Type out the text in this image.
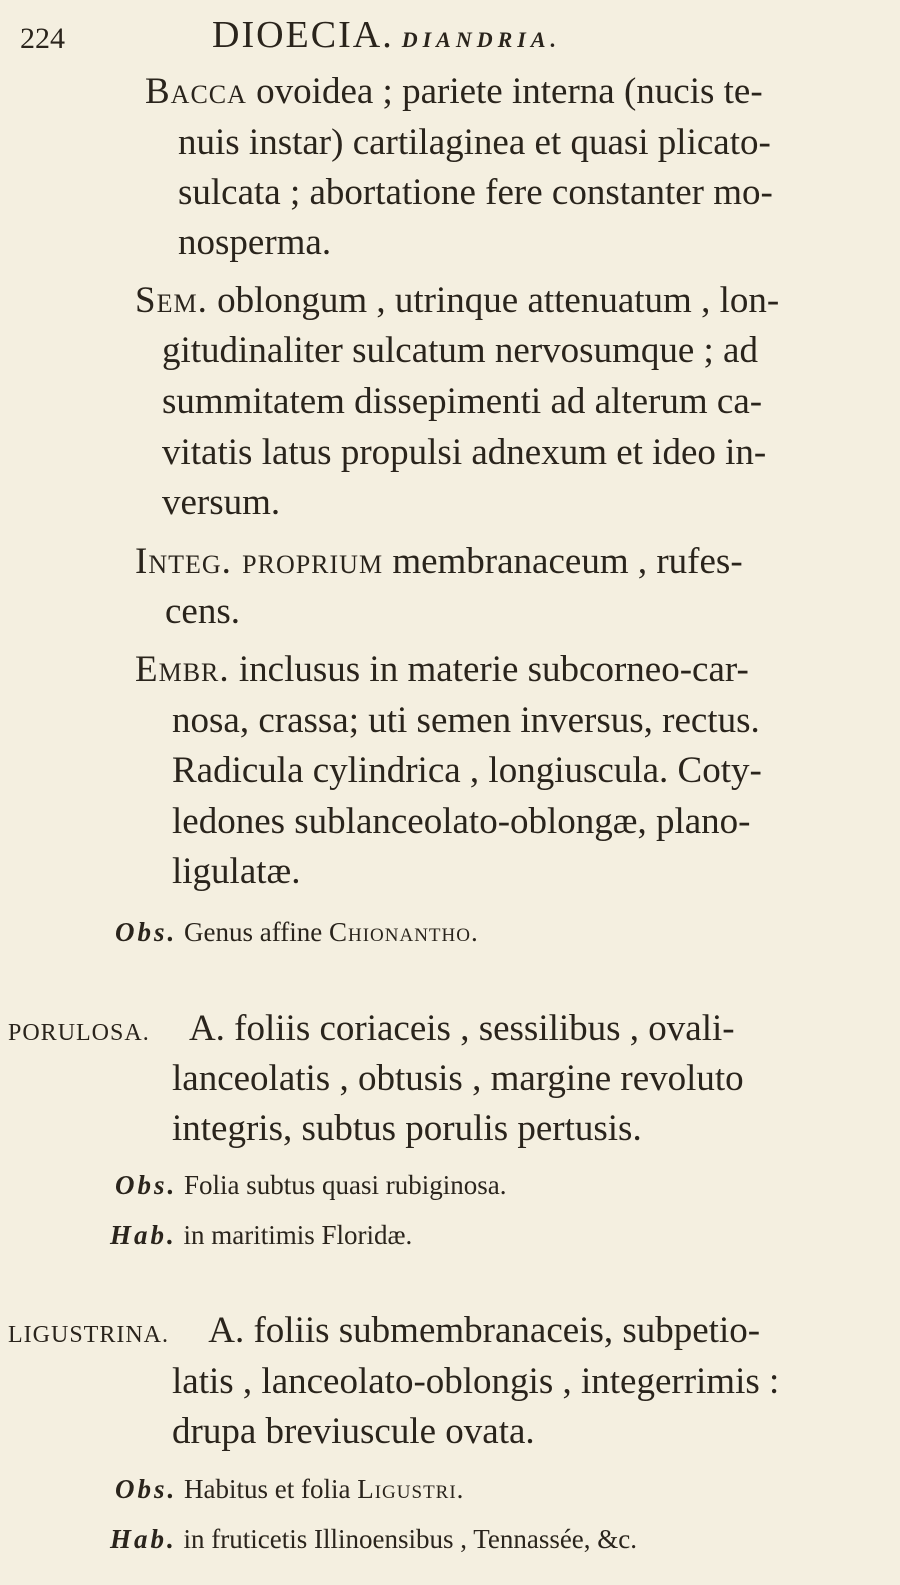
224	DIOECIA. DIANDRIA.
Bacca ovoidea ; pariete interna (nucis te-
nuis instar) cartilaginea et quasi plicato-
sulcata ; abortatione fere constanter mo-
nosperma.
Sem. oblongum , utrinque attenuatum , lon-
gitudinaliter sulcatum nervosumque ; ad
summitatem dissepimenti ad alterum ca-
vitatis latus propulsi adnexum et ideo in-
versum.
Integ. proprium membranaceum , rufes-
cens.
Embr. inclusus in materie subcorneo-car-
nosa, crassa; uti semen inversus, rectus.
Radicula cylindrica , longiuscula. Coty-
ledones sublanceolato-oblongæ, plano-
ligulatæ.
Obs. Genus affine Chionantho.
PORULOSA. A. foliis coriaceis , sessilibus , ovali-
lanceolatis , obtusis , margine revoluto
integris, subtus porulis pertusis.
Obs. Folia subtus quasi rubiginosa.
Hab. in maritimis Floridæ.
LIGUSTRINA. A. foliis submembranaceis, subpetio-
latis , lanceolato-oblongis , integerrimis :
drupa breviuscule ovata.
Obs. Habitus et folia Ligustri.
Hab. in fruticetis Illinoensibus , Tennassée, &c.
